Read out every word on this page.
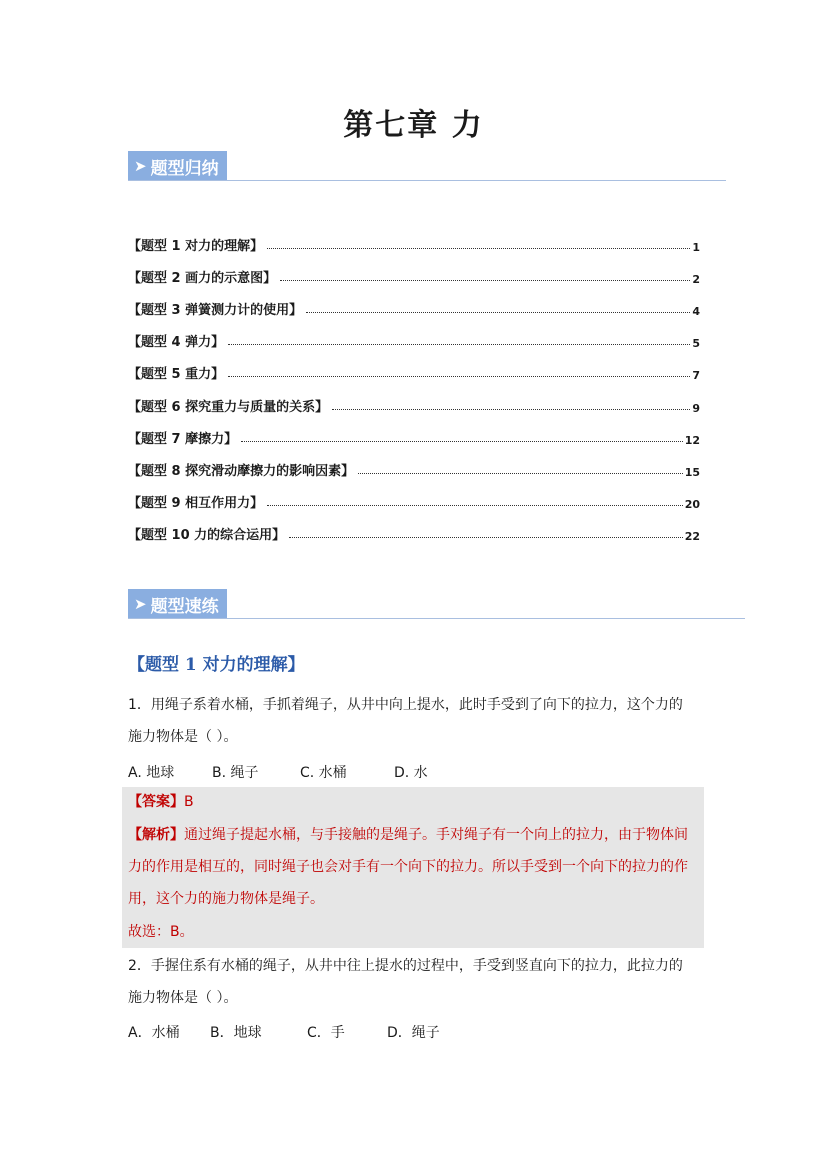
第七章 力
➤ 题型归纳
【题型 1 对力的理解】	1
【题型 2 画力的示意图】	2
【题型 3 弹簧测力计的使用】	4
【题型 4 弹力】	5
【题型 5 重力】	7
【题型 6 探究重力与质量的关系】	9
【题型 7 摩擦力】	12
【题型 8 探究滑动摩擦力的影响因素】	15
【题型 9 相互作用力】	20
【题型 10 力的综合运用】	22
➤ 题型速练
【题型 1 对力的理解】
1．用绳子系着水桶，手抓着绳子，从井中向上提水，此时手受到了向下的拉力，这个力的
施力物体是（ ）。
A. 地球	B. 绳子	C. 水桶	D. 水
【答案】B
【解析】通过绳子提起水桶，与手接触的是绳子。手对绳子有一个向上的拉力，由于物体间
力的作用是相互的，同时绳子也会对手有一个向下的拉力。所以手受到一个向下的拉力的作
用，这个力的施力物体是绳子。
故选：B。
2．手握住系有水桶的绳子，从井中往上提水的过程中，手受到竖直向下的拉力，此拉力的
施力物体是（ ）。
A．水桶	B．地球	C．手	D．绳子
